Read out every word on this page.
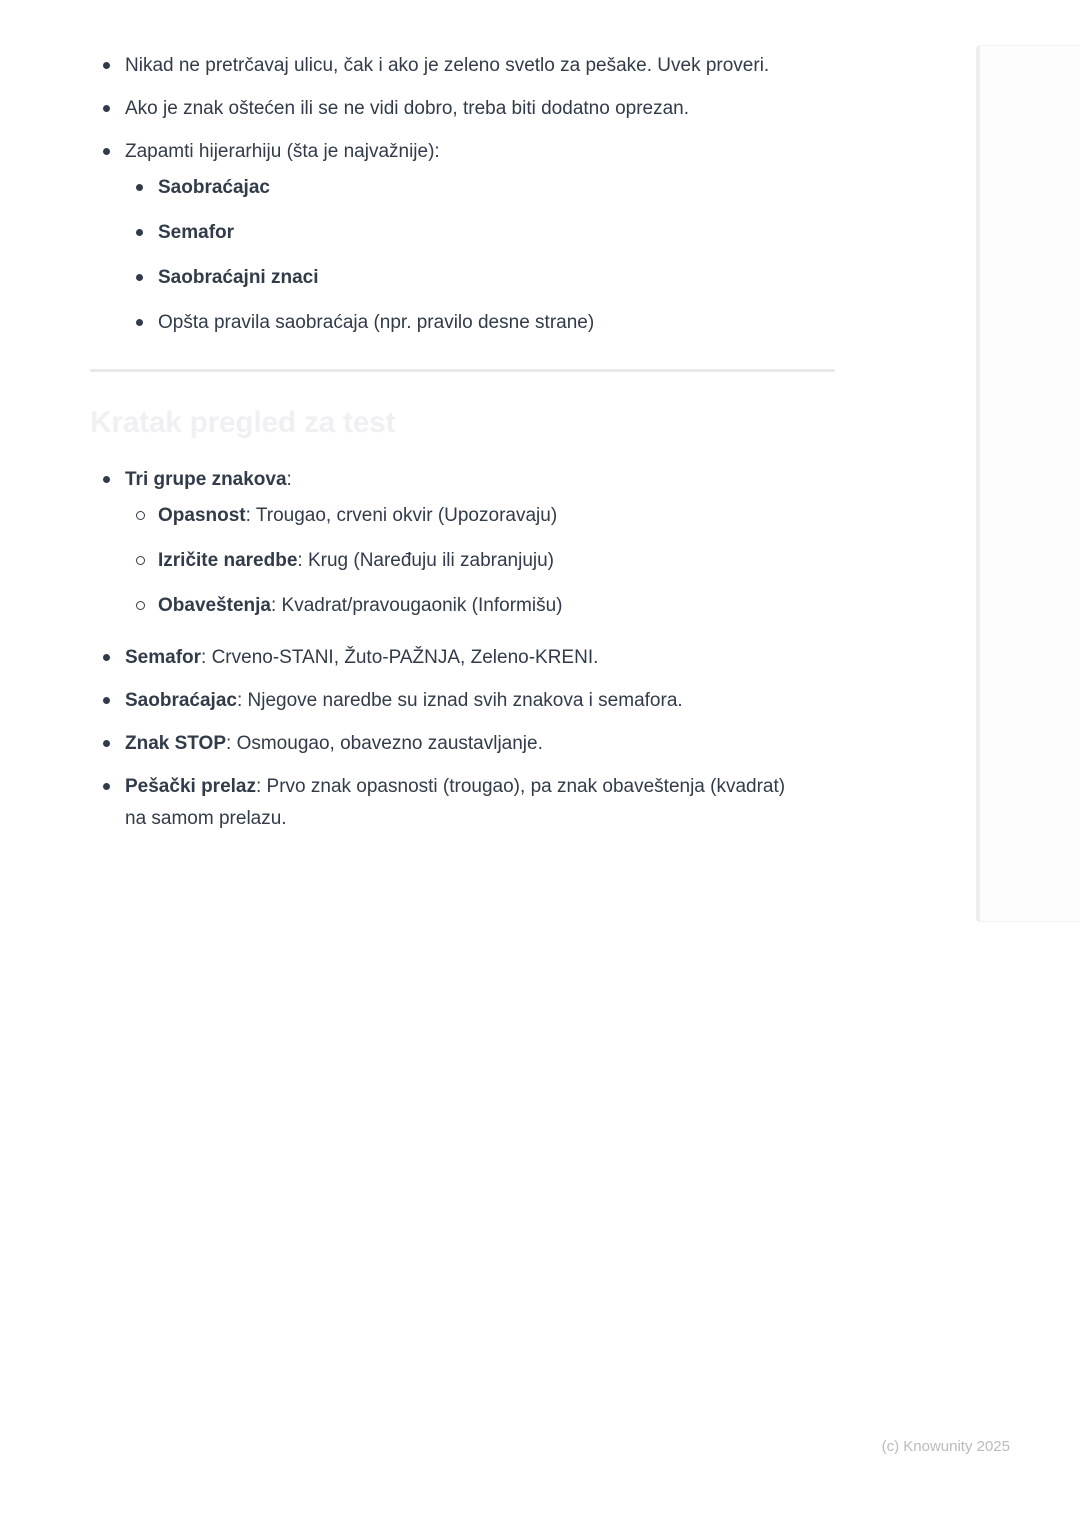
Nikad ne pretrčavaj ulicu, čak i ako je zeleno svetlo za pešake. Uvek proveri.
Ako je znak oštećen ili se ne vidi dobro, treba biti dodatno oprezan.
Zapamti hijerarhiju (šta je najvažnije):
Saobraćajac
Semafor
Saobraćajni znaci
Opšta pravila saobraćaja (npr. pravilo desne strane)
Kratak pregled za test
Tri grupe znakova:
Opasnost: Trougao, crveni okvir (Upozoravaju)
Izričite naredbe: Krug (Naređuju ili zabranjuju)
Obaveštenja: Kvadrat/pravougaonik (Informišu)
Semafor: Crveno-STANI, Žuto-PAŽNJA, Zeleno-KRENI.
Saobraćajac: Njegove naredbe su iznad svih znakova i semafora.
Znak STOP: Osmougao, obavezno zaustavljanje.
Pešački prelaz: Prvo znak opasnosti (trougao), pa znak obaveštenja (kvadrat) na samom prelazu.
(c) Knowunity 2025
